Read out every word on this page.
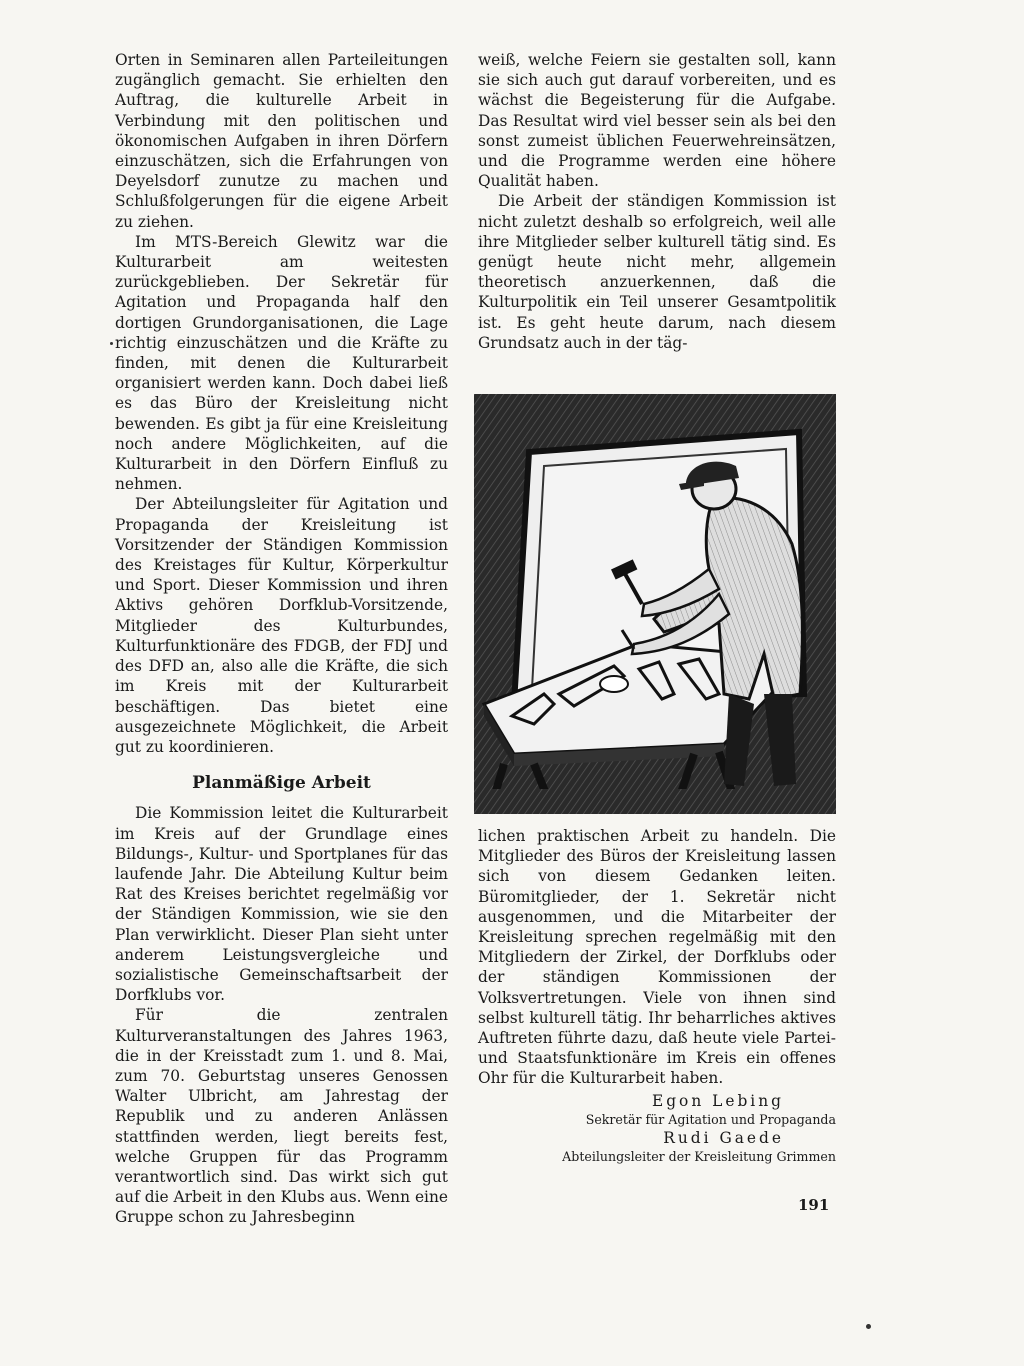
Orten in Seminaren allen Parteileitungen zugänglich gemacht. Sie erhielten den Auftrag, die kulturelle Arbeit in Verbindung mit den politischen und ökonomischen Aufgaben in ihren Dörfern einzuschätzen, sich die Erfahrungen von Deyelsdorf zunutze zu machen und Schlußfolgerungen für die eigene Arbeit zu ziehen.

Im MTS-Bereich Glewitz war die Kulturarbeit am weitesten zurückgeblieben. Der Sekretär für Agitation und Propaganda half den dortigen Grundorganisationen, die Lage richtig einzuschätzen und die Kräfte zu finden, mit denen die Kulturarbeit organisiert werden kann. Doch dabei ließ es das Büro der Kreisleitung nicht bewenden. Es gibt ja für eine Kreisleitung noch andere Möglichkeiten, auf die Kulturarbeit in den Dörfern Einfluß zu nehmen.

Der Abteilungsleiter für Agitation und Propaganda der Kreisleitung ist Vorsitzender der Ständigen Kommission des Kreistages für Kultur, Körperkultur und Sport. Dieser Kommission und ihren Aktivs gehören Dorfklub-Vorsitzende, Mitglieder des Kulturbundes, Kulturfunktionäre des FDGB, der FDJ und des DFD an, also alle die Kräfte, die sich im Kreis mit der Kulturarbeit beschäftigen. Das bietet eine ausgezeichnete Möglichkeit, die Arbeit gut zu koordinieren.

Planmäßige Arbeit

Die Kommission leitet die Kulturarbeit im Kreis auf der Grundlage eines Bildungs-, Kultur- und Sportplanes für das laufende Jahr. Die Abteilung Kultur beim Rat des Kreises berichtet regelmäßig vor der Ständigen Kommission, wie sie den Plan verwirklicht. Dieser Plan sieht unter anderem Leistungsvergleiche und sozialistische Gemeinschaftsarbeit der Dorfklubs vor.

Für die zentralen Kulturveranstaltungen des Jahres 1963, die in der Kreisstadt zum 1. und 8. Mai, zum 70. Geburtstag unseres Genossen Walter Ulbricht, am Jahrestag der Republik und zu anderen Anlässen stattfinden werden, liegt bereits fest, welche Gruppen für das Programm verantwortlich sind. Das wirkt sich gut auf die Arbeit in den Klubs aus. Wenn eine Gruppe schon zu Jahresbeginn

weiß, welche Feiern sie gestalten soll, kann sie sich auch gut darauf vorbereiten, und es wächst die Begeisterung für die Aufgabe. Das Resultat wird viel besser sein als bei den sonst zumeist üblichen Feuerwehreinsätzen, und die Programme werden eine höhere Qualität haben.

Die Arbeit der ständigen Kommission ist nicht zuletzt deshalb so erfolgreich, weil alle ihre Mitglieder selber kulturell tätig sind. Es genügt heute nicht mehr, allgemein theoretisch anzuerkennen, daß die Kulturpolitik ein Teil unserer Gesamtpolitik ist. Es geht heute darum, nach diesem Grundsatz auch in der täg-

lichen praktischen Arbeit zu handeln. Die Mitglieder des Büros der Kreisleitung lassen sich von diesem Gedanken leiten. Büromitglieder, der 1. Sekretär nicht ausgenommen, und die Mitarbeiter der Kreisleitung sprechen regelmäßig mit den Mitgliedern der Zirkel, der Dorfklubs oder der ständigen Kommissionen der Volksvertretungen. Viele von ihnen sind selbst kulturell tätig. Ihr beharrliches aktives Auftreten führte dazu, daß heute viele Partei- und Staatsfunktionäre im Kreis ein offenes Ohr für die Kulturarbeit haben.

Egon Lebing
Sekretär für Agitation und Propaganda
Rudi Gaede
Abteilungsleiter der Kreisleitung Grimmen
191
